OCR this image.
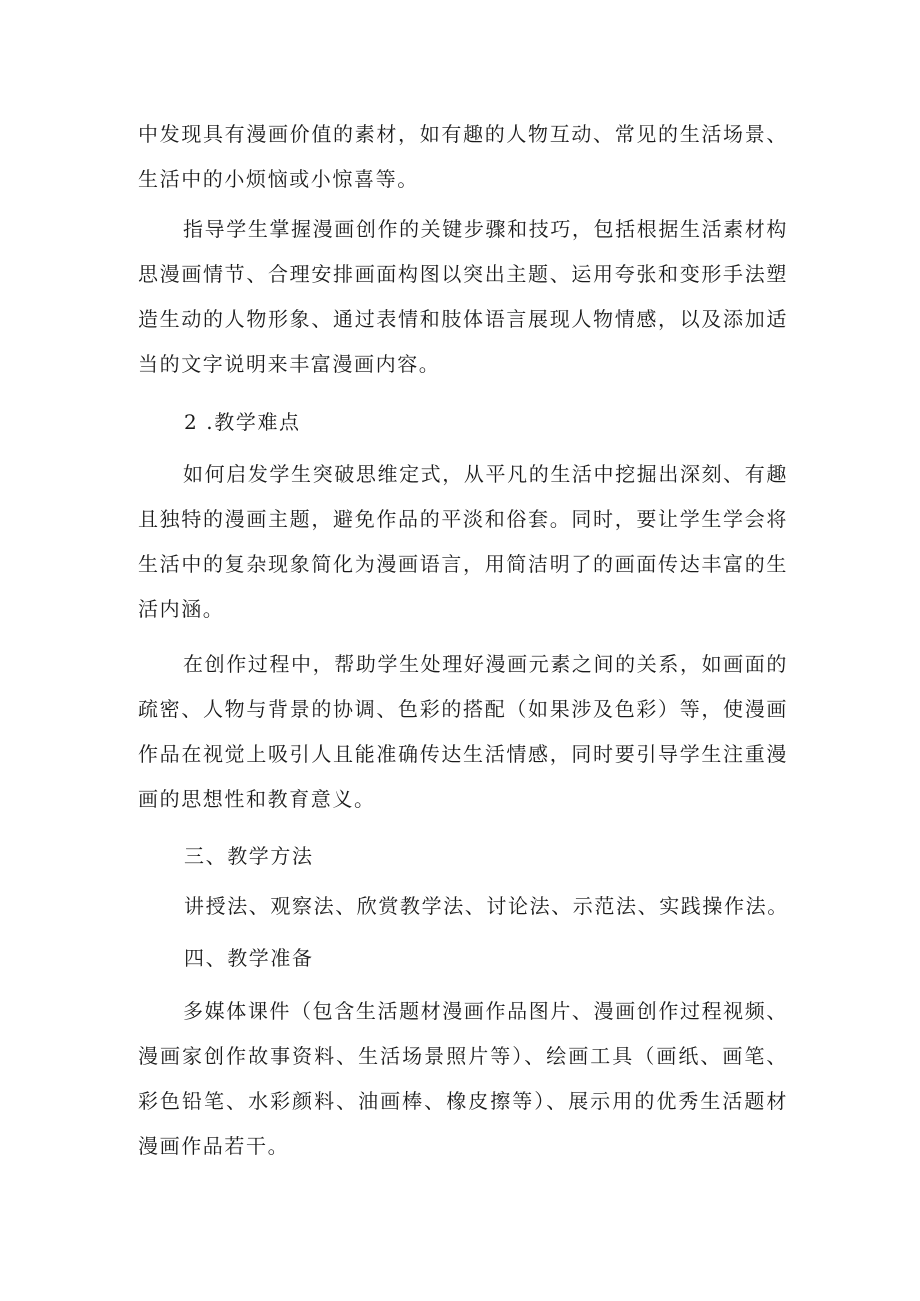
中发现具有漫画价值的素材，如有趣的人物互动、常见的生活场景、生活中的小烦恼或小惊喜等。

指导学生掌握漫画创作的关键步骤和技巧，包括根据生活素材构思漫画情节、合理安排画面构图以突出主题、运用夸张和变形手法塑造生动的人物形象、通过表情和肢体语言展现人物情感，以及添加适当的文字说明来丰富漫画内容。

2 .教学难点

如何启发学生突破思维定式，从平凡的生活中挖掘出深刻、有趣且独特的漫画主题，避免作品的平淡和俗套。同时，要让学生学会将生活中的复杂现象简化为漫画语言，用简洁明了的画面传达丰富的生活内涵。

在创作过程中，帮助学生处理好漫画元素之间的关系，如画面的疏密、人物与背景的协调、色彩的搭配（如果涉及色彩）等，使漫画作品在视觉上吸引人且能准确传达生活情感，同时要引导学生注重漫画的思想性和教育意义。

三、教学方法

讲授法、观察法、欣赏教学法、讨论法、示范法、实践操作法。

四、教学准备

多媒体课件（包含生活题材漫画作品图片、漫画创作过程视频、漫画家创作故事资料、生活场景照片等）、绘画工具（画纸、画笔、彩色铅笔、水彩颜料、油画棒、橡皮擦等）、展示用的优秀生活题材漫画作品若干。
